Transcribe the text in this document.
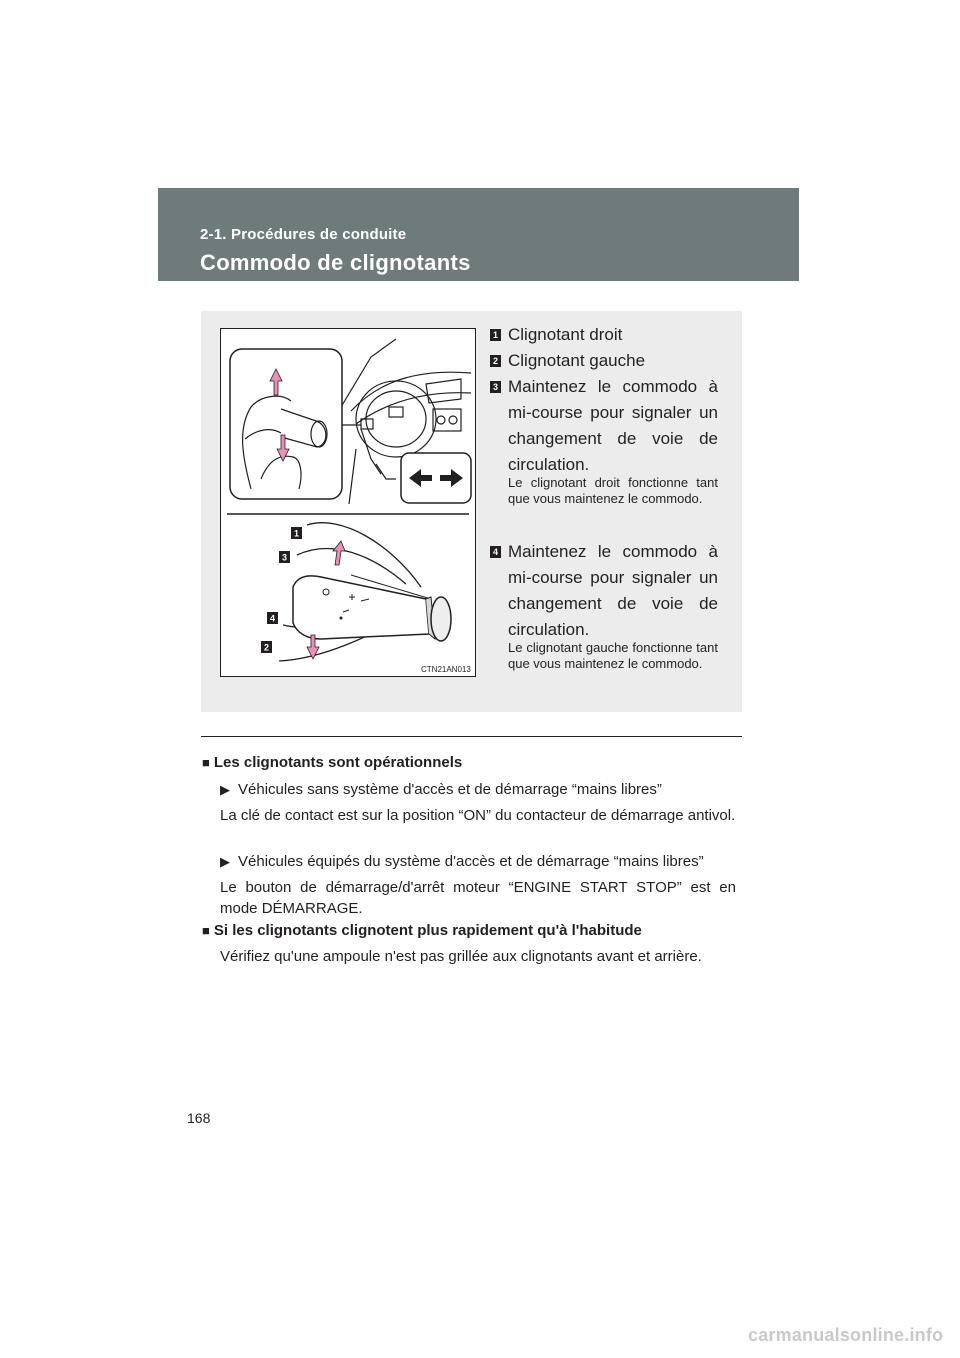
2-1. Procédures de conduite
Commodo de clignotants
1
3
4
2
CTN21AN013
1 Clignotant droit
2 Clignotant gauche
3 Maintenez le commodo à mi-course pour signaler un changement de voie de circulation.
Le clignotant droit fonctionne tant que vous maintenez le commodo.
4 Maintenez le commodo à mi-course pour signaler un changement de voie de circulation.
Le clignotant gauche fonctionne tant que vous maintenez le commodo.
■ Les clignotants sont opérationnels
▶ Véhicules sans système d'accès et de démarrage “mains libres”
La clé de contact est sur la position “ON” du contacteur de démarrage antivol.
▶ Véhicules équipés du système d'accès et de démarrage “mains libres”
Le bouton de démarrage/d'arrêt moteur “ENGINE START STOP” est en mode DÉMARRAGE.
■ Si les clignotants clignotent plus rapidement qu'à l'habitude
Vérifiez qu'une ampoule n'est pas grillée aux clignotants avant et arrière.
168
carmanualsonline.info
